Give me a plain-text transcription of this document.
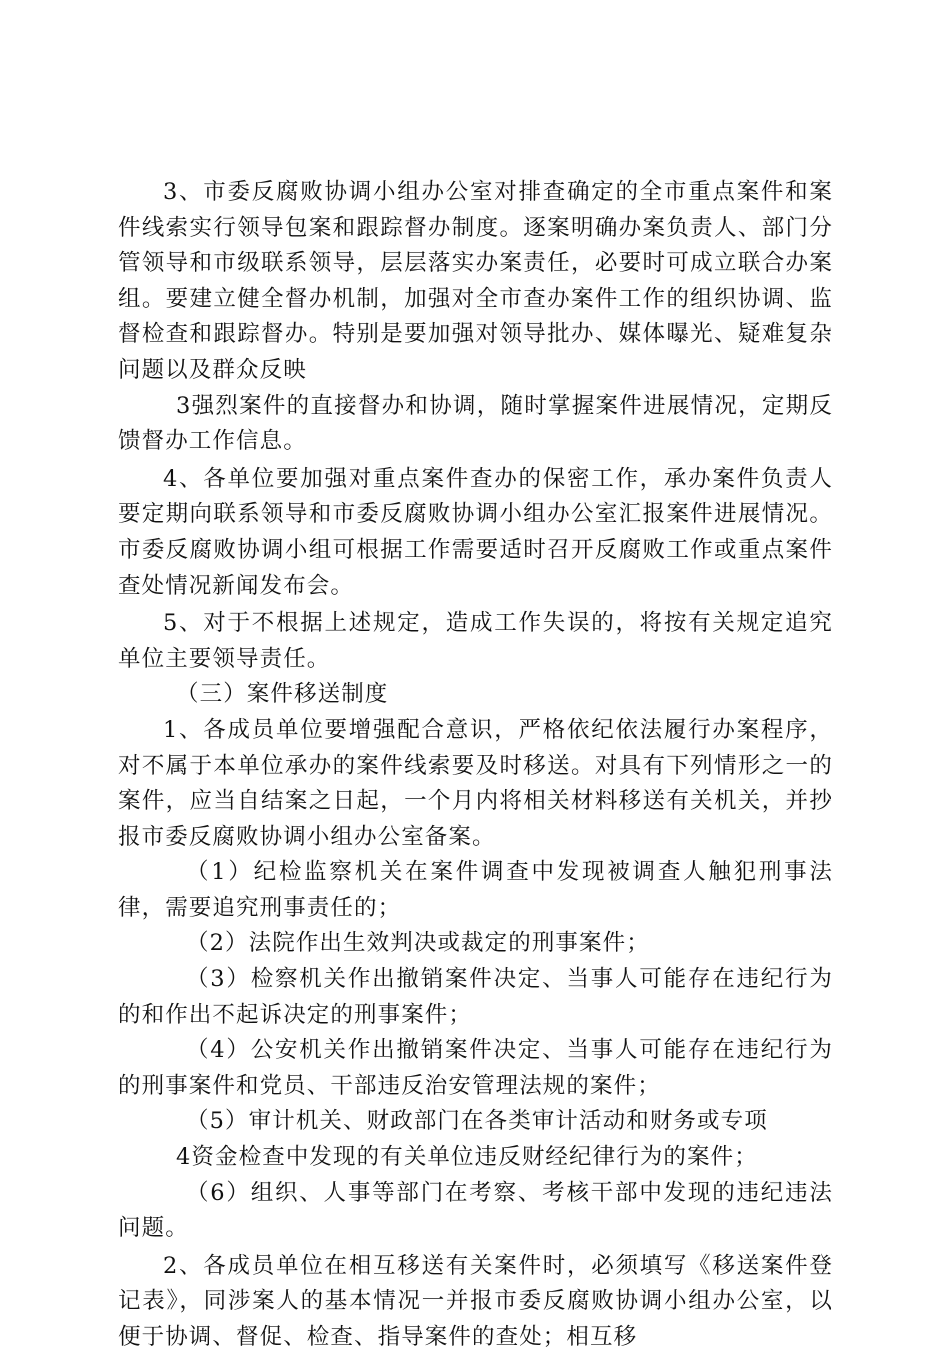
3、市委反腐败协调小组办公室对排查确定的全市重点案件和案件线索实行领导包案和跟踪督办制度。逐案明确办案负责人、部门分管领导和市级联系领导，层层落实办案责任，必要时可成立联合办案组。要建立健全督办机制，加强对全市查办案件工作的组织协调、监督检查和跟踪督办。特别是要加强对领导批办、媒体曝光、疑难复杂问题以及群众反映

3强烈案件的直接督办和协调，随时掌握案件进展情况，定期反馈督办工作信息。

4、各单位要加强对重点案件查办的保密工作，承办案件负责人要定期向联系领导和市委反腐败协调小组办公室汇报案件进展情况。市委反腐败协调小组可根据工作需要适时召开反腐败工作或重点案件查处情况新闻发布会。

5、对于不根据上述规定，造成工作失误的，将按有关规定追究单位主要领导责任。

（三）案件移送制度

1、各成员单位要增强配合意识，严格依纪依法履行办案程序，对不属于本单位承办的案件线索要及时移送。对具有下列情形之一的案件，应当自结案之日起，一个月内将相关材料移送有关机关，并抄报市委反腐败协调小组办公室备案。

（1）纪检监察机关在案件调查中发现被调查人触犯刑事法律，需要追究刑事责任的；

（2）法院作出生效判决或裁定的刑事案件；

（3）检察机关作出撤销案件决定、当事人可能存在违纪行为的和作出不起诉决定的刑事案件；

（4）公安机关作出撤销案件决定、当事人可能存在违纪行为的刑事案件和党员、干部违反治安管理法规的案件；

（5）审计机关、财政部门在各类审计活动和财务或专项

4资金检查中发现的有关单位违反财经纪律行为的案件；

（6）组织、人事等部门在考察、考核干部中发现的违纪违法问题。

2、各成员单位在相互移送有关案件时，必须填写《移送案件登记表》，同涉案人的基本情况一并报市委反腐败协调小组办公室，以便于协调、督促、检查、指导案件的查处；相互移
